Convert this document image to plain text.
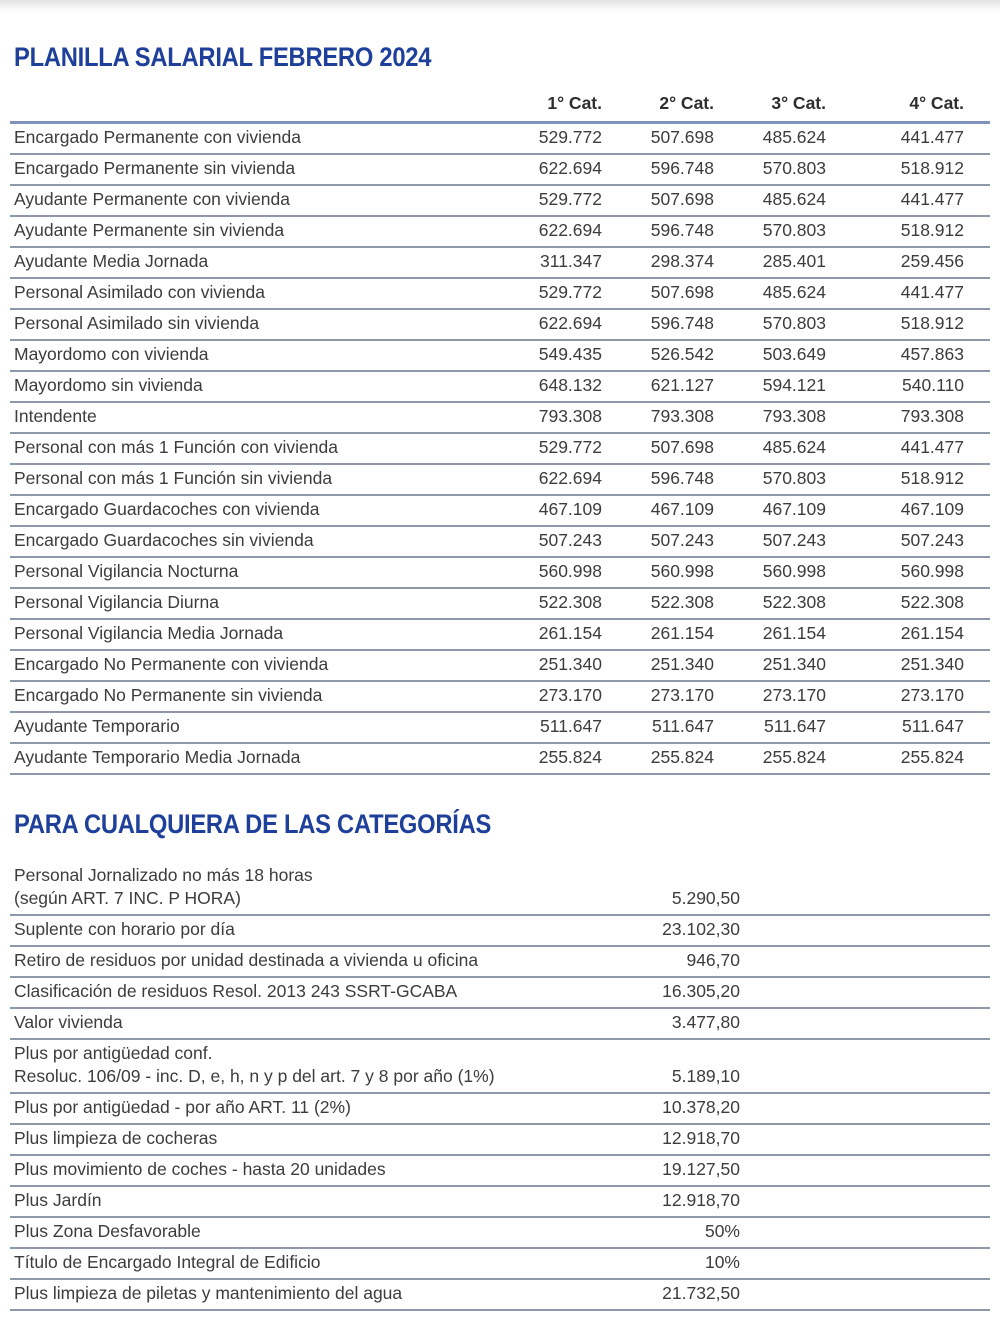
PLANILLA SALARIAL FEBRERO 2024
	1° Cat.	2° Cat.	3° Cat.	4° Cat.
Encargado Permanente con vivienda	529.772	507.698	485.624	441.477
Encargado Permanente sin vivienda	622.694	596.748	570.803	518.912
Ayudante Permanente con vivienda	529.772	507.698	485.624	441.477
Ayudante Permanente sin vivienda	622.694	596.748	570.803	518.912
Ayudante Media Jornada	311.347	298.374	285.401	259.456
Personal Asimilado con vivienda	529.772	507.698	485.624	441.477
Personal Asimilado sin vivienda	622.694	596.748	570.803	518.912
Mayordomo con vivienda	549.435	526.542	503.649	457.863
Mayordomo sin vivienda	648.132	621.127	594.121	540.110
Intendente	793.308	793.308	793.308	793.308
Personal con más 1 Función con vivienda	529.772	507.698	485.624	441.477
Personal con más 1 Función sin vivienda	622.694	596.748	570.803	518.912
Encargado Guardacoches con vivienda	467.109	467.109	467.109	467.109
Encargado Guardacoches sin vivienda	507.243	507.243	507.243	507.243
Personal Vigilancia Nocturna	560.998	560.998	560.998	560.998
Personal Vigilancia Diurna	522.308	522.308	522.308	522.308
Personal Vigilancia Media Jornada	261.154	261.154	261.154	261.154
Encargado No Permanente con vivienda	251.340	251.340	251.340	251.340
Encargado No Permanente sin vivienda	273.170	273.170	273.170	273.170
Ayudante Temporario	511.647	511.647	511.647	511.647
Ayudante Temporario Media Jornada	255.824	255.824	255.824	255.824
PARA CUALQUIERA DE LAS CATEGORÍAS
Personal Jornalizado no más 18 horas
(según ART. 7 INC. P HORA)	5.290,50	

Suplente con horario por día	23.102,30	

Retiro de residuos por unidad destinada a vivienda u oficina	946,70	

Clasificación de residuos Resol. 2013 243 SSRT-GCABA	16.305,20	

Valor vivienda	3.477,80	

Plus por antigüedad conf.
Resoluc. 106/09 - inc. D, e, h, n y p del art. 7 y 8 por año (1%)	5.189,10	

Plus por antigüedad - por año ART. 11 (2%)	10.378,20	

Plus limpieza de cocheras	12.918,70	

Plus movimiento de coches - hasta 20 unidades	19.127,50	

Plus Jardín	12.918,70	

Plus Zona Desfavorable	50%	

Título de Encargado Integral de Edificio	10%	

Plus limpieza de piletas y mantenimiento del agua	21.732,50	
